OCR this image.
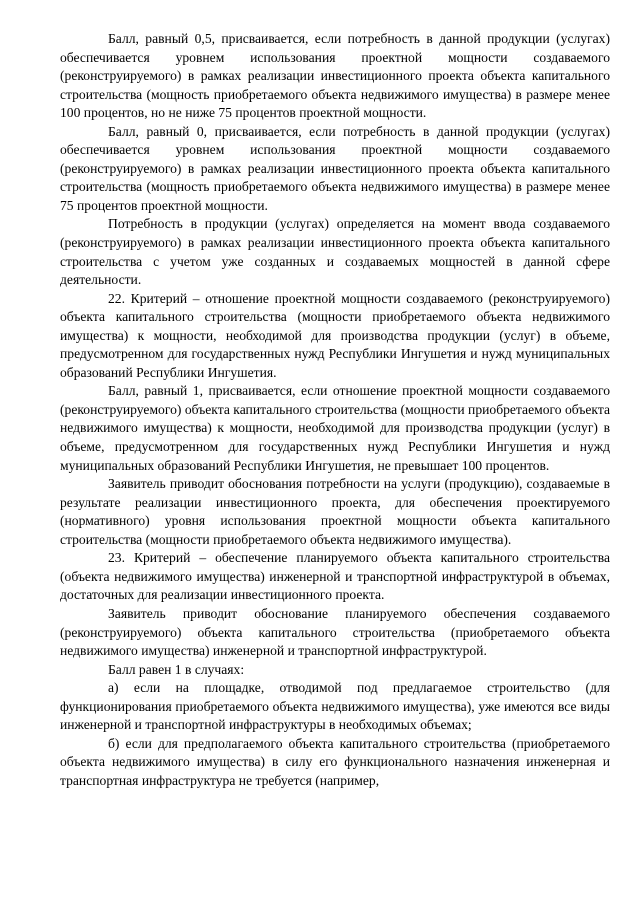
Балл, равный 0,5, присваивается, если потребность в данной продукции (услугах) обеспечивается уровнем использования проектной мощности создаваемого (реконструируемого) в рамках реализации инвестиционного проекта объекта капитального строительства (мощность приобретаемого объекта недвижимого имущества) в размере менее 100 процентов, но не ниже 75 процентов проектной мощности.

Балл, равный 0, присваивается, если потребность в данной продукции (услугах) обеспечивается уровнем использования проектной мощности создаваемого (реконструируемого) в рамках реализации инвестиционного проекта объекта капитального строительства (мощность приобретаемого объекта недвижимого имущества) в размере менее 75 процентов проектной мощности.

Потребность в продукции (услугах) определяется на момент ввода создаваемого (реконструируемого) в рамках реализации инвестиционного проекта объекта капитального строительства с учетом уже созданных и создаваемых мощностей в данной сфере деятельности.

22. Критерий – отношение проектной мощности создаваемого (реконструируемого) объекта капитального строительства (мощности приобретаемого объекта недвижимого имущества) к мощности, необходимой для производства продукции (услуг) в объеме, предусмотренном для государственных нужд Республики Ингушетия и нужд муниципальных образований Республики Ингушетия.

Балл, равный 1, присваивается, если отношение проектной мощности создаваемого (реконструируемого) объекта капитального строительства (мощности приобретаемого объекта недвижимого имущества) к мощности, необходимой для производства продукции (услуг) в объеме, предусмотренном для государственных нужд Республики Ингушетия и нужд муниципальных образований Республики Ингушетия, не превышает 100 процентов.

Заявитель приводит обоснования потребности на услуги (продукцию), создаваемые в результате реализации инвестиционного проекта, для обеспечения проектируемого (нормативного) уровня использования проектной мощности объекта капитального строительства (мощности приобретаемого объекта недвижимого имущества).

23. Критерий – обеспечение планируемого объекта капитального строительства (объекта недвижимого имущества) инженерной и транспортной инфраструктурой в объемах, достаточных для реализации инвестиционного проекта.

Заявитель приводит обоснование планируемого обеспечения создаваемого (реконструируемого) объекта капитального строительства (приобретаемого объекта недвижимого имущества) инженерной и транспортной инфраструктурой.

Балл равен 1 в случаях:

а) если на площадке, отводимой под предлагаемое строительство (для функционирования приобретаемого объекта недвижимого имущества), уже имеются все виды инженерной и транспортной инфраструктуры в необходимых объемах;

б) если для предполагаемого объекта капитального строительства (приобретаемого объекта недвижимого имущества) в силу его функционального назначения инженерная и транспортная инфраструктура не требуется (например,
